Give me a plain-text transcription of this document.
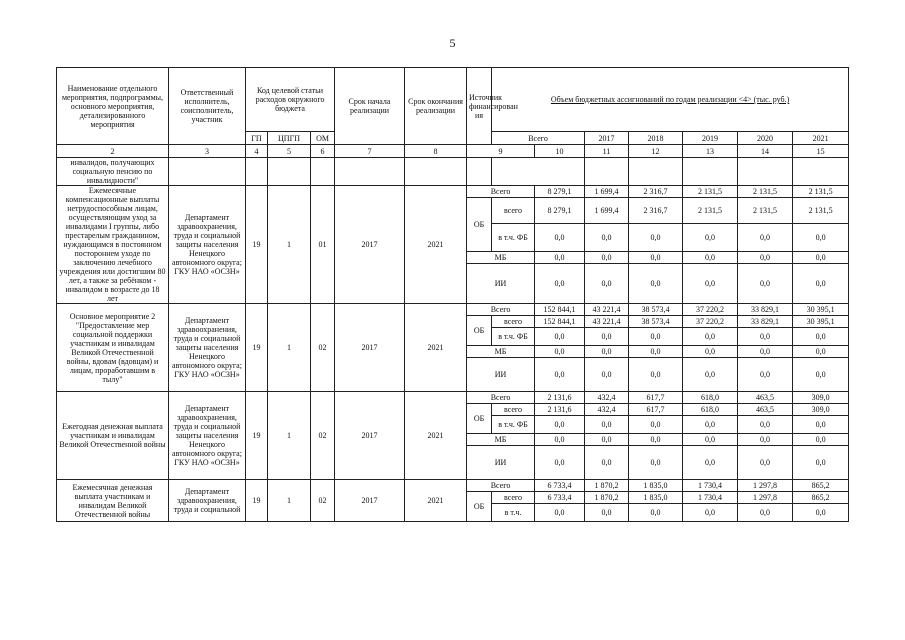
5
Наименование отдельного мероприятия, подпрограммы, основного мероприятия, детализированного мероприятия	Ответственный исполнитель, соисполнитель, участник	Код целевой статьи расходов окружного бюджета			Срок начала реализации	Срок окончания реализации	Источник финансирован ия	Объем бюджетных ассигнований по годам реализации <4> (тыс. руб.)						
		ГП	ЦПГП	ОМ				Всего		2017	2018	2019	2020	2021
2	3	4	5	6	7	8	9		10	11	12	13	14	15
инвалидов, получающих социальную пенсию по инвалидности"														
Ежемесячные компенсационные выплаты нетрудоспособным лицам, осуществляющим уход за инвалидами I группы, либо престарелым гражданином, нуждающимся в постоянном постороннем уходе по заключению лечебного учреждения или достигшим 80 лет, а также за ребёнком - инвалидом в возрасте до 18 лет	Департамент здравоохранения, труда и социальной защиты населения Ненецкого автономного округа; ГКУ НАО «ОСЗН»	19	1	01	2017	2021	Всего		8 279,1	1 699,4	2 316,7	2 131,5	2 131,5	2 131,5
							ОБ	всего	8 279,1	1 699,4	2 316,7	2 131,5	2 131,5	2 131,5
								в т.ч. ФБ	0,0	0,0	0,0	0,0	0,0	0,0
							МБ		0,0	0,0	0,0	0,0	0,0	0,0
							ИИ		0,0	0,0	0,0	0,0	0,0	0,0
Основное мероприятие 2 "Предоставление мер социальной поддержки участникам и инвалидам Великой Отечественной войны, вдовам (вдовцам) и лицам, проработавшим в тылу"	Департамент здравоохранения, труда и социальной защиты населения Ненецкого автономного округа; ГКУ НАО «ОСЗН»	19	1	02	2017	2021	Всего		152 844,1	43 221,4	38 573,4	37 220,2	33 829,1	30 395,1
							ОБ	всего	152 844,1	43 221,4	38 573,4	37 220,2	33 829,1	30 395,1
								в т.ч. ФБ	0,0	0,0	0,0	0,0	0,0	0,0
							МБ		0,0	0,0	0,0	0,0	0,0	0,0
							ИИ		0,0	0,0	0,0	0,0	0,0	0,0
Ежегодная денежная выплата участникам и инвалидам Великой Отечественной войны	Департамент здравоохранения, труда и социальной защиты населения Ненецкого автономного округа; ГКУ НАО «ОСЗН»	19	1	02	2017	2021	Всего		2 131,6	432,4	617,7	618,0	463,5	309,0
							ОБ	всего	2 131,6	432,4	617,7	618,0	463,5	309,0
								в т.ч. ФБ	0,0	0,0	0,0	0,0	0,0	0,0
							МБ		0,0	0,0	0,0	0,0	0,0	0,0
							ИИ		0,0	0,0	0,0	0,0	0,0	0,0
Ежемесячная денежная выплата участникам и инвалидам Великой Отечественной войны	Департамент здравоохранения, труда и социальной	19	1	02	2017	2021	Всего		6 733,4	1 870,2	1 835,0	1 730,4	1 297,8	865,2
							ОБ	всего	6 733,4	1 870,2	1 835,0	1 730,4	1 297,8	865,2
								в т.ч.	0,0	0,0	0,0	0,0	0,0	0,0
